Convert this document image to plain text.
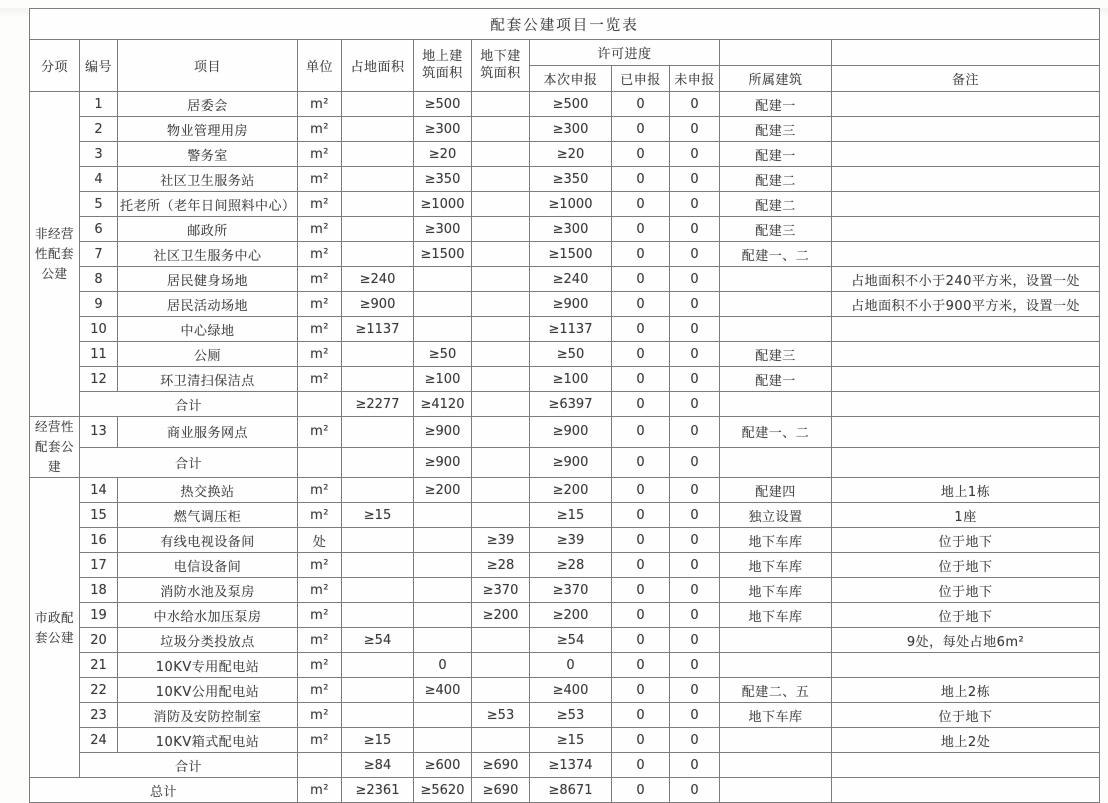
配套公建项目一览表											
分项	编号	项目	单位	占地面积	地上建筑面积	地下建筑面积	许可进度				
							本次申报	已申报	未申报	所属建筑	备注
非经营性配套公建	1	居委会	m²		≥500		≥500	0	0	配建一	
	2	物业管理用房	m²		≥300		≥300	0	0	配建三	
	3	警务室	m²		≥20		≥20	0	0	配建一	
	4	社区卫生服务站	m²		≥350		≥350	0	0	配建二	
	5	托老所（老年日间照料中心）	m²		≥1000		≥1000	0	0	配建二	
	6	邮政所	m²		≥300		≥300	0	0	配建三	
	7	社区卫生服务中心	m²		≥1500		≥1500	0	0	配建一、二	
	8	居民健身场地	m²	≥240			≥240	0	0		占地面积不小于240平方米，设置一处
	9	居民活动场地	m²	≥900			≥900	0	0		占地面积不小于900平方米，设置一处
	10	中心绿地	m²	≥1137			≥1137	0	0		
	11	公厕	m²		≥50		≥50	0	0	配建三	
	12	环卫清扫保洁点	m²		≥100		≥100	0	0	配建一	
	合计			≥2277	≥4120		≥6397	0	0		
经营性配套公建	13	商业服务网点	m²		≥900		≥900	0	0	配建一、二	
	合计				≥900		≥900	0	0		
市政配套公建	14	热交换站	m²		≥200		≥200	0	0	配建四	地上1栋
	15	燃气调压柜	m²	≥15			≥15	0	0	独立设置	1座
	16	有线电视设备间	处			≥39	≥39	0	0	地下车库	位于地下
	17	电信设备间	m²			≥28	≥28	0	0	地下车库	位于地下
	18	消防水池及泵房	m²			≥370	≥370	0	0	地下车库	位于地下
	19	中水给水加压泵房	m²			≥200	≥200	0	0	地下车库	位于地下
	20	垃圾分类投放点	m²	≥54			≥54	0	0		9处，每处占地6m²
	21	10KV专用配电站	m²		0		0	0	0		
	22	10KV公用配电站	m²		≥400		≥400	0	0	配建二、五	地上2栋
	23	消防及安防控制室	m²			≥53	≥53	0	0	地下车库	位于地下
	24	10KV箱式配电站	m²	≥15			≥15	0	0		地上2处
	合计			≥84	≥600	≥690	≥1374	0	0		
总计			m²	≥2361	≥5620	≥690	≥8671	0	0		
